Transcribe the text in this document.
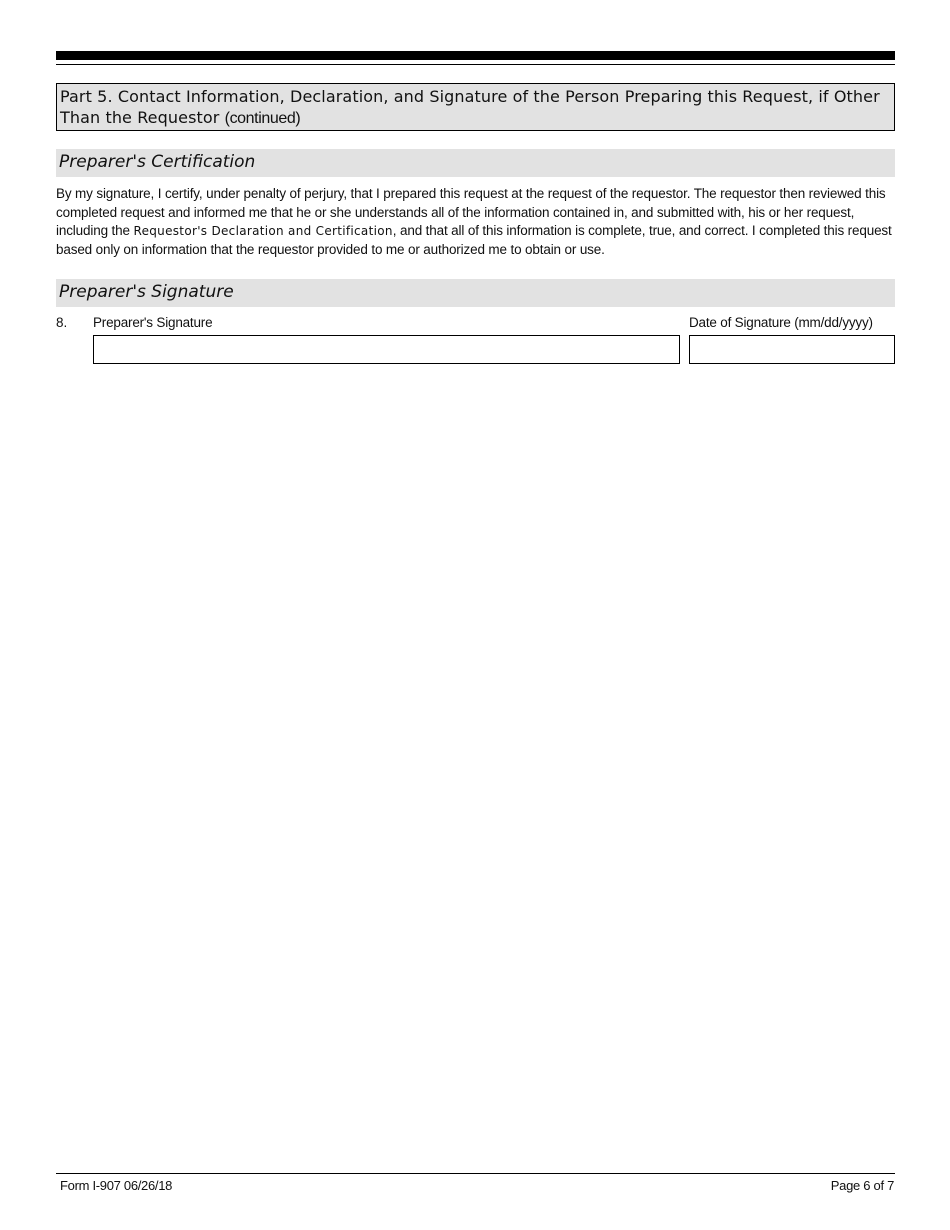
Part 5. Contact Information, Declaration, and Signature of the Person Preparing this Request, if Other Than the Requestor (continued)
Preparer's Certification
By my signature, I certify, under penalty of perjury, that I prepared this request at the request of the requestor. The requestor then reviewed this completed request and informed me that he or she understands all of the information contained in, and submitted with, his or her request, including the Requestor's Declaration and Certification, and that all of this information is complete, true, and correct. I completed this request based only on information that the requestor provided to me or authorized me to obtain or use.
Preparer's Signature
8. Preparer's Signature	Date of Signature (mm/dd/yyyy)
Form I-907 06/26/18	Page 6 of 7
